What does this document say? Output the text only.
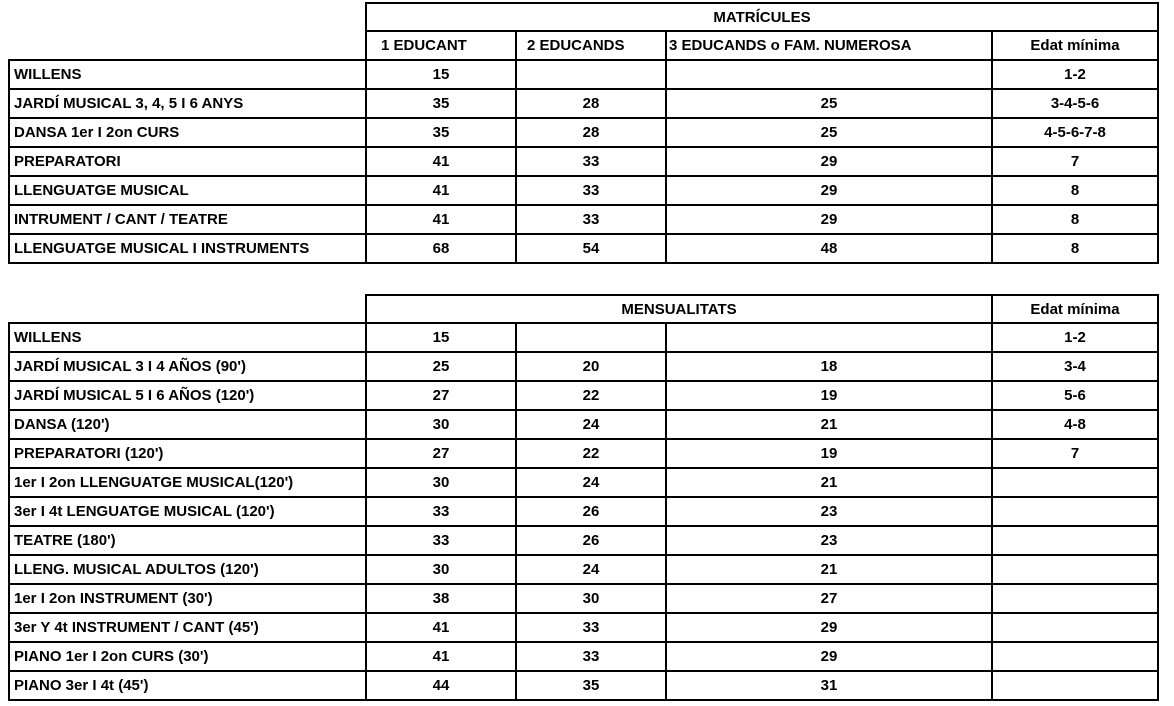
	MATRÍCULES			
	1 EDUCANT	2 EDUCANDS	3 EDUCANDS o FAM. NUMEROSA	Edat mínima
WILLENS	15			1-2
JARDÍ MUSICAL 3, 4, 5 I 6 ANYS	35	28	25	3-4-5-6
DANSA 1er I 2on CURS	35	28	25	4-5-6-7-8
PREPARATORI	41	33	29	7
LLENGUATGE MUSICAL	41	33	29	8
INTRUMENT / CANT / TEATRE	41	33	29	8
LLENGUATGE MUSICAL I INSTRUMENTS	68	54	48	8
	MENSUALITATS			Edat mínima
WILLENS	15			1-2
JARDÍ MUSICAL 3 I 4 AÑOS (90')	25	20	18	3-4
JARDÍ MUSICAL 5 I 6 AÑOS (120')	27	22	19	5-6
DANSA (120')	30	24	21	4-8
PREPARATORI (120')	27	22	19	7
1er I 2on LLENGUATGE MUSICAL(120')	30	24	21	
3er I 4t LENGUATGE MUSICAL (120')	33	26	23	
TEATRE (180')	33	26	23	
LLENG. MUSICAL ADULTOS (120')	30	24	21	
1er I 2on INSTRUMENT (30')	38	30	27	
3er Y 4t INSTRUMENT / CANT (45')	41	33	29	
PIANO 1er I 2on CURS (30')	41	33	29	
PIANO 3er I 4t (45')	44	35	31	
